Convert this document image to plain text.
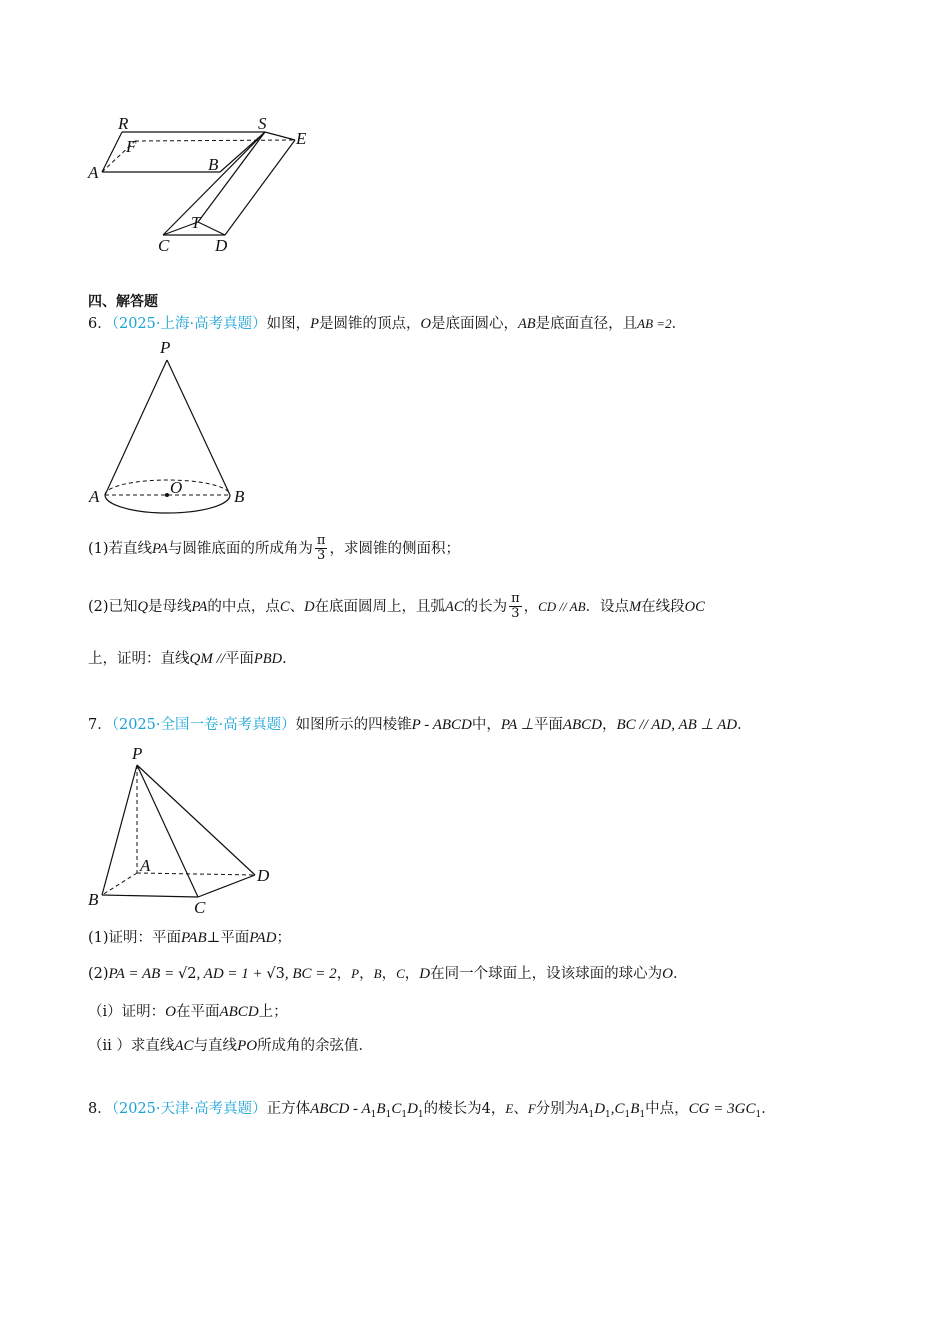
R	S
E
F
A	B
T
C	D
四、解答题
6．（2025·上海·高考真题）如图，P是圆锥的顶点，O是底面圆心，AB是底面直径，且AB =2．
P
A	O	B
(1)若直线PA与圆锥底面的所成角为 $\frac{\pi}{3}$ ，求圆锥的侧面积；
(2)已知Q是母线PA的中点，点C、D在底面圆周上，且弧AC的长为 $\frac{\pi}{3}$ ，CD // AB．设点M在线段OC
上，证明：直线QM //平面PBD.
7．（2025·全国一卷·高考真题）如图所示的四棱锥P - ABCD中，PA ⊥平面ABCD，BC // AD, AB ⊥ AD．
P
A
B	C
D
(1)证明：平面PAB⊥平面PAD；
(2)PA = AB = √2, AD = 1 + √3, BC = 2，P，B，C，D在同一个球面上，设该球面的球心为O．
（i）证明：O在平面ABCD上；
（ii ）求直线AC与直线PO所成角的余弦值．
8．（2025·天津·高考真题）正方体ABCD - $A_1B_1C_1D_1$的棱长为4，E、F分别为$A_1D_1,C_1B_1$中点，CG = $3GC_1$．
